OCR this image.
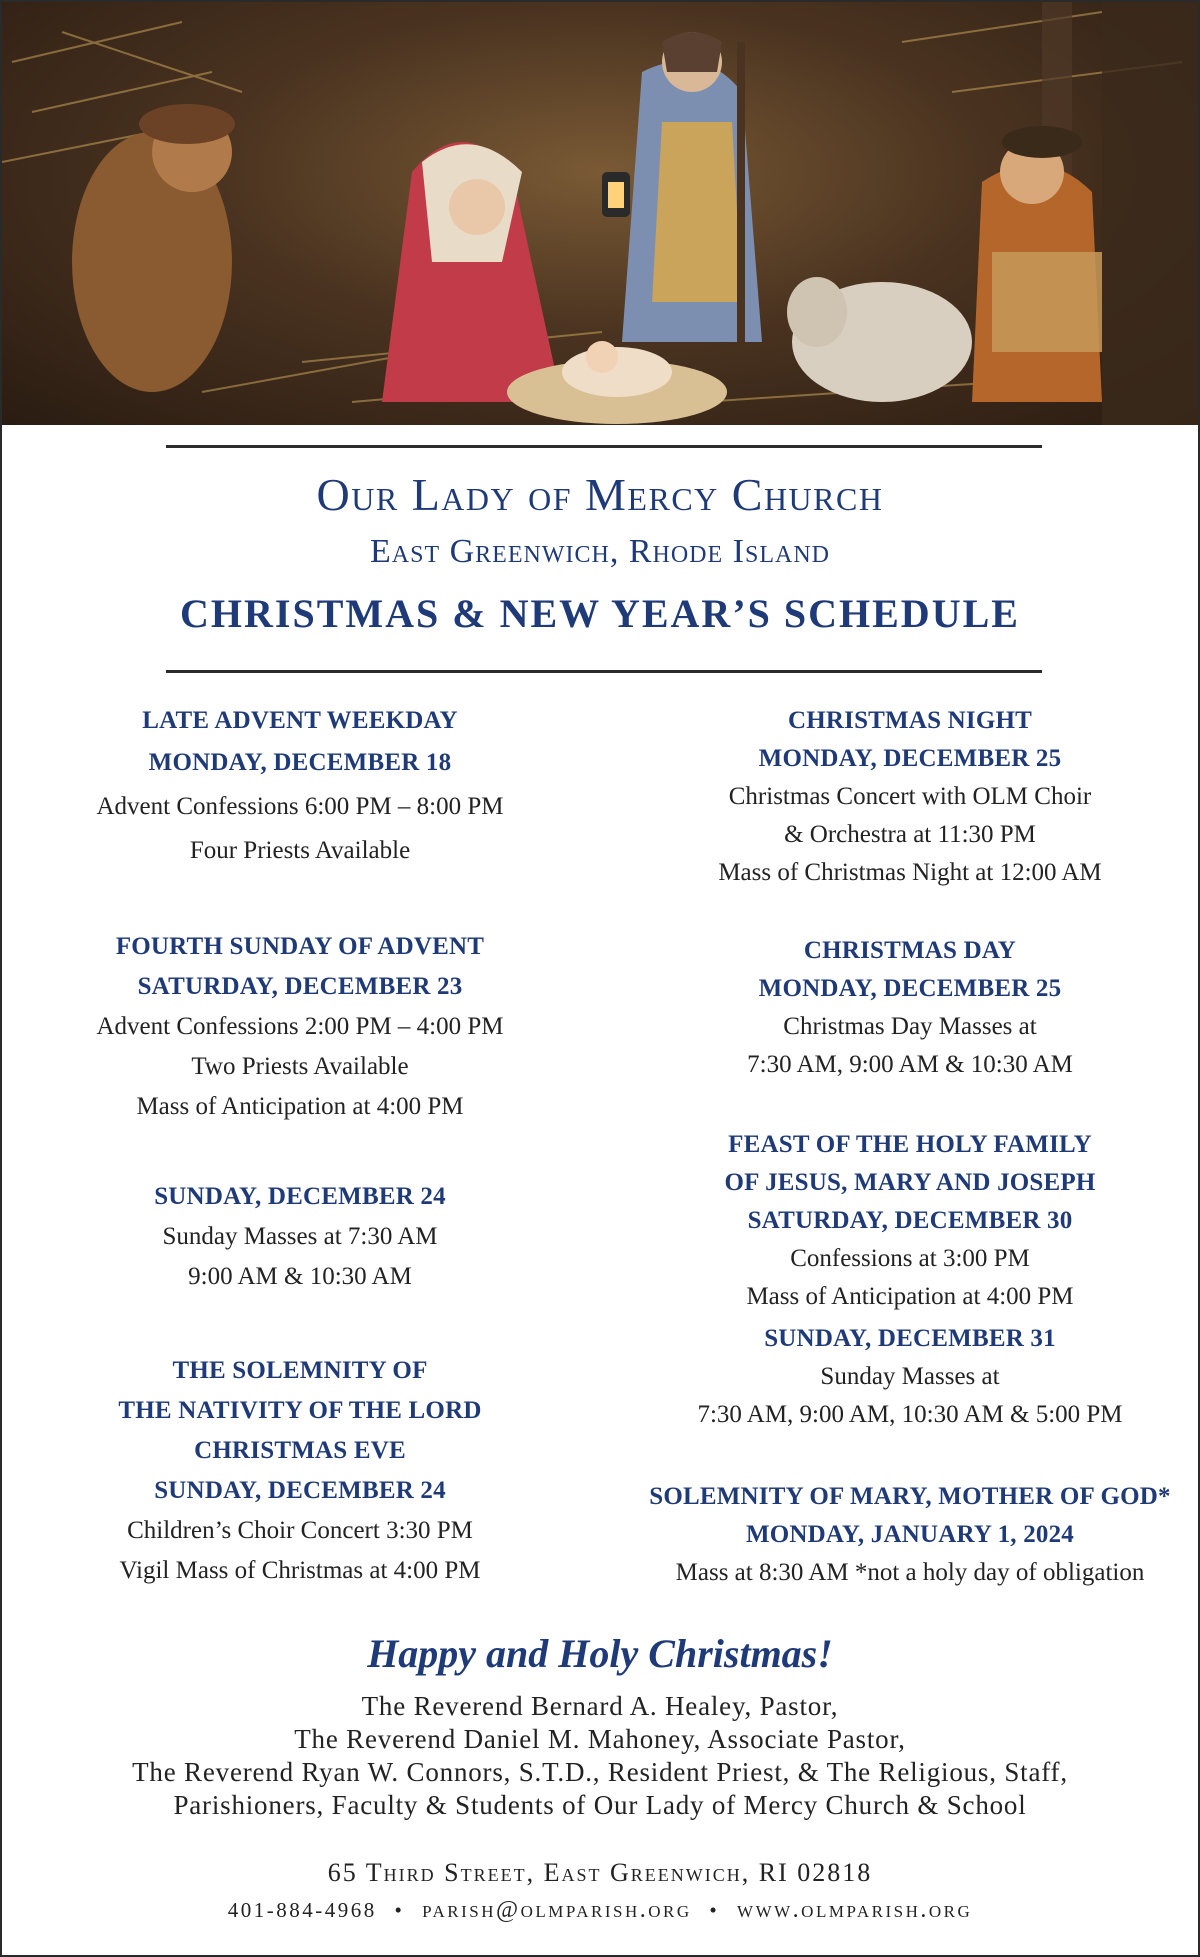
Our Lady of Mercy Church
East Greenwich, Rhode Island
CHRISTMAS & NEW YEAR’S SCHEDULE
LATE ADVENT WEEKDAY
MONDAY, DECEMBER 18
Advent Confessions 6:00 PM – 8:00 PM
Four Priests Available
FOURTH SUNDAY OF ADVENT
SATURDAY, DECEMBER 23
Advent Confessions 2:00 PM – 4:00 PM
Two Priests Available
Mass of Anticipation at 4:00 PM
SUNDAY, DECEMBER 24
Sunday Masses at 7:30 AM
9:00 AM & 10:30 AM
THE SOLEMNITY OF
THE NATIVITY OF THE LORD
CHRISTMAS EVE
SUNDAY, DECEMBER 24
Children’s Choir Concert 3:30 PM
Vigil Mass of Christmas at 4:00 PM
CHRISTMAS NIGHT
MONDAY, DECEMBER 25
Christmas Concert with OLM Choir
& Orchestra at 11:30 PM
Mass of Christmas Night at 12:00 AM
CHRISTMAS DAY
MONDAY, DECEMBER 25
Christmas Day Masses at
7:30 AM, 9:00 AM & 10:30 AM
FEAST OF THE HOLY FAMILY
OF JESUS, MARY AND JOSEPH
SATURDAY, DECEMBER 30
Confessions at 3:00 PM
Mass of Anticipation at 4:00 PM
SUNDAY, DECEMBER 31
Sunday Masses at
7:30 AM, 9:00 AM, 10:30 AM & 5:00 PM
SOLEMNITY OF MARY, MOTHER OF GOD*
MONDAY, JANUARY 1, 2024
Mass at 8:30 AM *not a holy day of obligation
Happy and Holy Christmas!
The Reverend Bernard A. Healey, Pastor,
The Reverend Daniel M. Mahoney, Associate Pastor,
The Reverend Ryan W. Connors, S.T.D., Resident Priest, & The Religious, Staff,
Parishioners, Faculty & Students of Our Lady of Mercy Church & School
65 Third Street, East Greenwich, RI 02818
401-884-4968 • parish@olmparish.org • www.olmparish.org
